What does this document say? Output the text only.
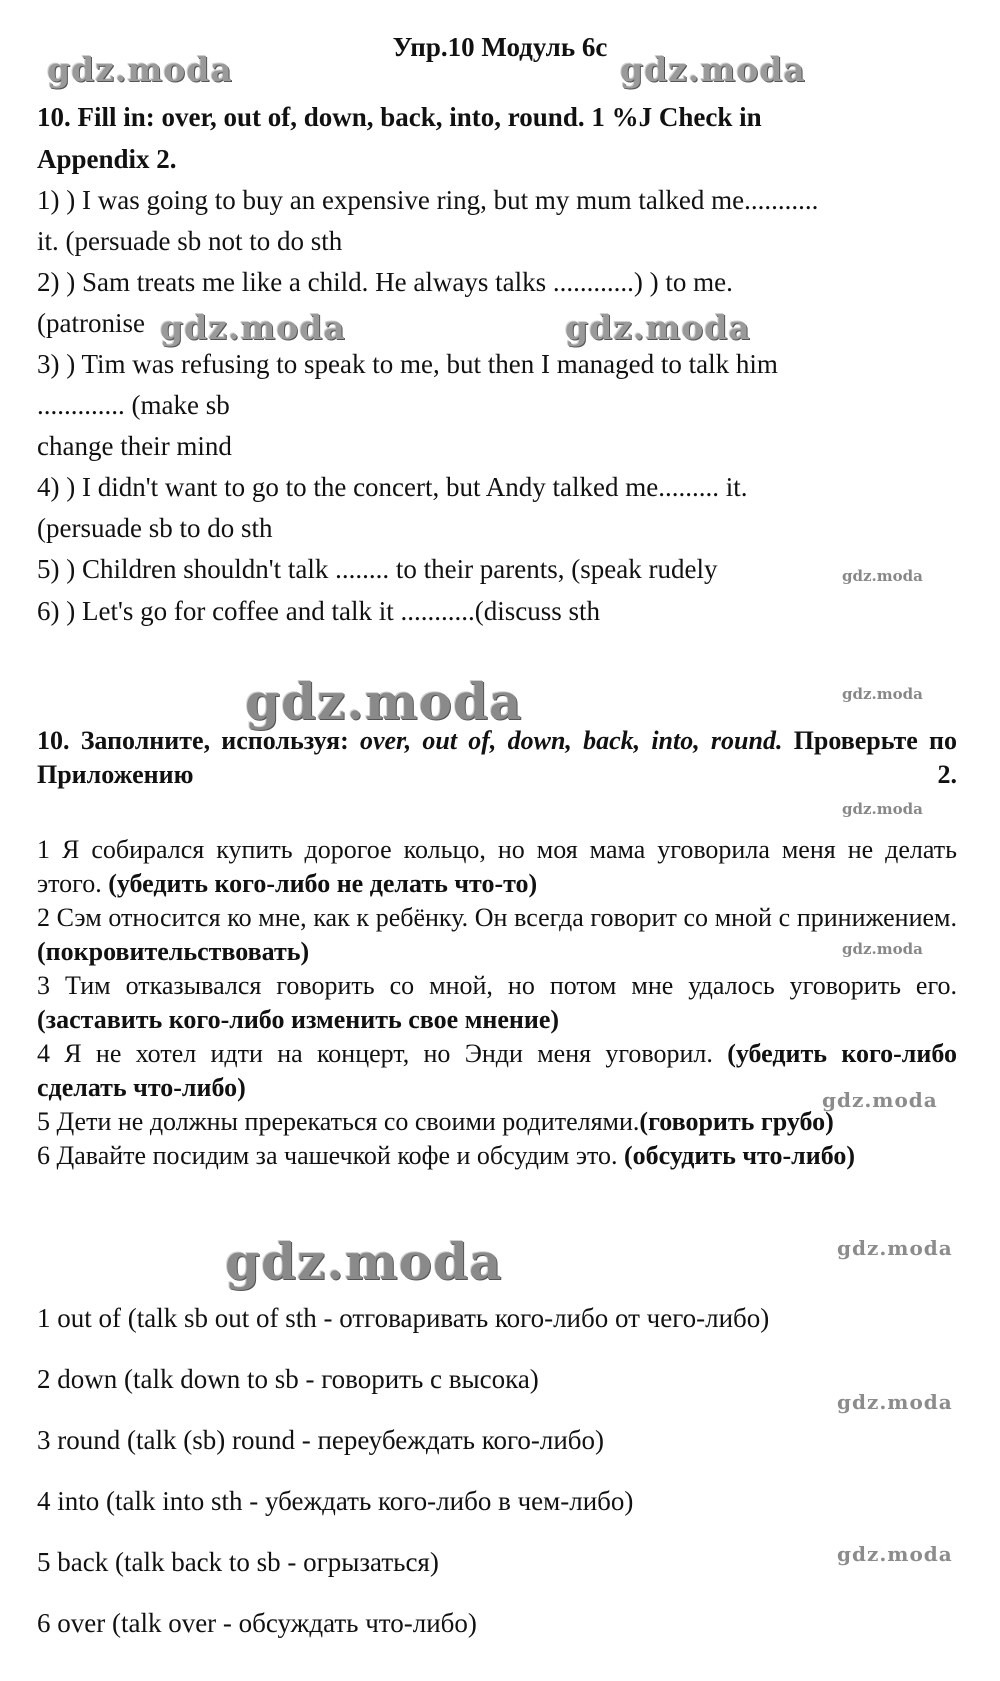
Упр.10 Модуль 6c
gdz.moda	gdz.moda
gdz.moda	gdz.moda
gdz.moda
gdz.moda	gdz.moda
gdz.moda
gdz.moda
gdz.moda
gdz.moda	gdz.moda
gdz.moda
gdz.moda
10. Fill in: over, out of, down, back, into, round. 1 %J Check in
Appendix 2.
1) ) I was going to buy an expensive ring, but my mum talked me...........
it. (persuade sb not to do sth
2) ) Sam treats me like a child. He always talks ............) ) to me.
(patronise
3) ) Tim was refusing to speak to me, but then I managed to talk him
............. (make sb
change their mind
4) ) I didn't want to go to the concert, but Andy talked me......... it.
(persuade sb to do sth
5) ) Children shouldn't talk ........ to their parents, (speak rudely
6) ) Let's go for coffee and talk it ...........(discuss sth
10. Заполните, используя: over, out of, down, back, into, round. Проверьте по Приложению 2.

1 Я собирался купить дорогое кольцо, но моя мама уговорила меня не делать этого. (убедить кого-либо не делать что-то)

2 Сэм относится ко мне, как к ребёнку. Он всегда говорит со мной с принижением. (покровительствовать)

3 Тим отказывался говорить со мной, но потом мне удалось уговорить его. (заставить кого-либо изменить свое мнение)

4 Я не хотел идти на концерт, но Энди меня уговорил. (убедить кого-либо сделать что-либо)

5 Дети не должны пререкаться со своими родителями.(говорить грубо)

6 Давайте посидим за чашечкой кофе и обсудим это. (обсудить что-либо)

1 out of (talk sb out of sth - отговаривать кого-либо от чего-либо)
2 down (talk down to sb - говорить с высока)
3 round (talk (sb) round - переубеждать кого-либо)
4 into (talk into sth - убеждать кого-либо в чем-либо)
5 back (talk back to sb - огрызаться)
6 over (talk over - обсуждать что-либо)
